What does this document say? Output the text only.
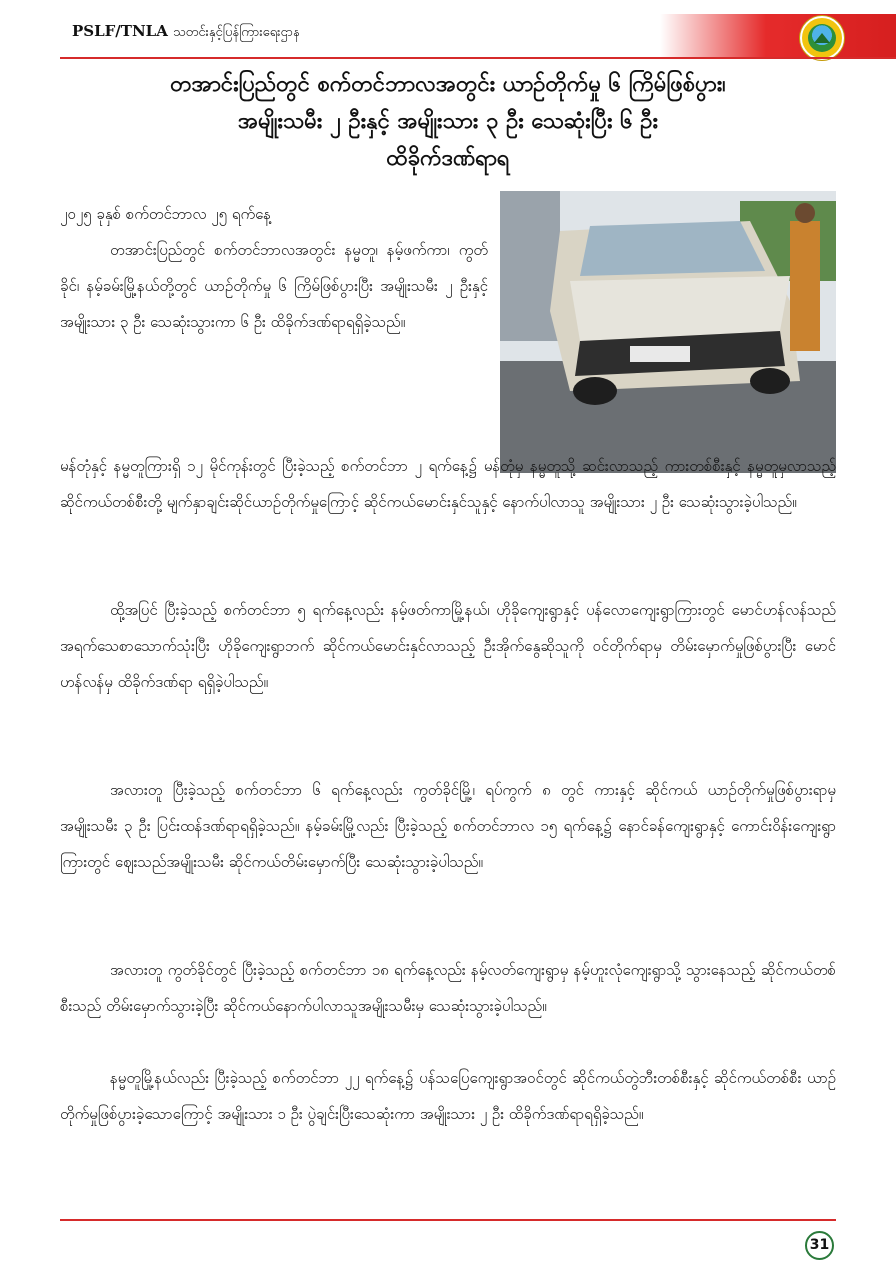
PSLF/TNLA သတင်းနှင့်ပြန်ကြားရေးဌာန
တအာင်းပြည်တွင် စက်တင်ဘာလအတွင်း ယာဉ်တိုက်မှု ၆ ကြိမ်ဖြစ်ပွား၊
အမျိုးသမီး ၂ ဦးနှင့် အမျိုးသား ၃ ဦး သေဆုံးပြီး ၆ ဦး
ထိခိုက်ဒဏ်ရာရ
၂၀၂၅ ခုနှစ် စက်တင်ဘာလ ၂၅ ရက်နေ့
တအာင်းပြည်တွင် စက်တင်ဘာလအတွင်း နမ္မတူ၊ နမ့်ဖက်ကာ၊ ကွတ်ခိုင်၊ နမ့်ခမ်းမြို့နယ်တို့တွင် ယာဉ်တိုက်မှု ၆ ကြိမ်ဖြစ်ပွားပြီး အမျိုးသမီး ၂ ဦးနှင့် အမျိုးသား ၃ ဦး သေဆုံးသွားကာ ၆ ဦး ထိခိုက်ဒဏ်ရာရရှိခဲ့သည်။
မန်တုံနှင့် နမ္မတူကြားရှိ ၁၂ မိုင်ကုန်းတွင် ပြီးခဲ့သည့် စက်တင်ဘာ ၂ ရက်နေ့၌ မန်တုံမှ နမ္မတူသို့ ဆင်းလာသည့် ကားတစ်စီးနှင့် နမ္မတူမှလာသည့် ဆိုင်ကယ်တစ်စီးတို့ မျက်နှာချင်းဆိုင်ယာဉ်တိုက်မှုကြောင့် ဆိုင်ကယ်မောင်းနှင်သူနှင့် နောက်ပါလာသူ အမျိုးသား ၂ ဦး သေဆုံးသွားခဲ့ပါသည်။
ထို့အပြင် ပြီးခဲ့သည့် စက်တင်ဘာ ၅ ရက်နေ့လည်း နမ့်ဖတ်ကာမြို့နယ်၊ ဟိုခိုကျေးရွာနှင့် ပန်လောကျေးရွာကြားတွင် မောင်ဟန်လန်သည် အရက်သေစာသောက်သုံးပြီး ဟိုခိုကျေးရွာဘက် ဆိုင်ကယ်မောင်းနှင်လာသည့် ဦးအိုက်နွေဆိုသူကို ဝင်တိုက်ရာမှ တိမ်းမှောက်မှုဖြစ်ပွားပြီး မောင်ဟန်လန်မှ ထိခိုက်ဒဏ်ရာ ရရှိခဲ့ပါသည်။
အလားတူ ပြီးခဲ့သည့် စက်တင်ဘာ ၆ ရက်နေ့လည်း ကွတ်ခိုင်မြို့၊ ရပ်ကွက် ၈ တွင် ကားနှင့် ဆိုင်ကယ် ယာဉ်တိုက်မှုဖြစ်ပွားရာမှ အမျိုးသမီး ၃ ဦး ပြင်းထန်ဒဏ်ရာရရှိခဲ့သည်။ နမ့်ခမ်းမြို့လည်း ပြီးခဲ့သည့် စက်တင်ဘာလ ၁၅ ရက်နေ့၌ နောင်ခန်ကျေးရွာနှင့် ကောင်းဝိန်းကျေးရွာကြားတွင် ဈေးသည်အမျိုးသမီး ဆိုင်ကယ်တိမ်းမှောက်ပြီး သေဆုံးသွားခဲ့ပါသည်။
အလားတူ ကွတ်ခိုင်တွင် ပြီးခဲ့သည့် စက်တင်ဘာ ၁၈ ရက်နေ့လည်း နမ့်လတ်ကျေးရွာမှ နမ့်ဟူးလုံကျေးရွာသို့ သွားနေသည့် ဆိုင်ကယ်တစ်စီးသည် တိမ်းမှောက်သွားခဲ့ပြီး ဆိုင်ကယ်နောက်ပါလာသူအမျိုးသမီးမှ သေဆုံးသွားခဲ့ပါသည်။
နမ္မတူမြို့နယ်လည်း ပြီးခဲ့သည့် စက်တင်ဘာ ၂၂ ရက်နေ့၌ ပန်သပြေကျေးရွာအဝင်တွင် ဆိုင်ကယ်တွဲဘီးတစ်စီးနှင့် ဆိုင်ကယ်တစ်စီး ယာဉ်တိုက်မှုဖြစ်ပွားခဲ့သောကြောင့် အမျိုးသား ၁ ဦး ပွဲချင်းပြီးသေဆုံးကာ အမျိုးသား ၂ ဦး ထိခိုက်ဒဏ်ရာရရှိခဲ့သည်။
31
